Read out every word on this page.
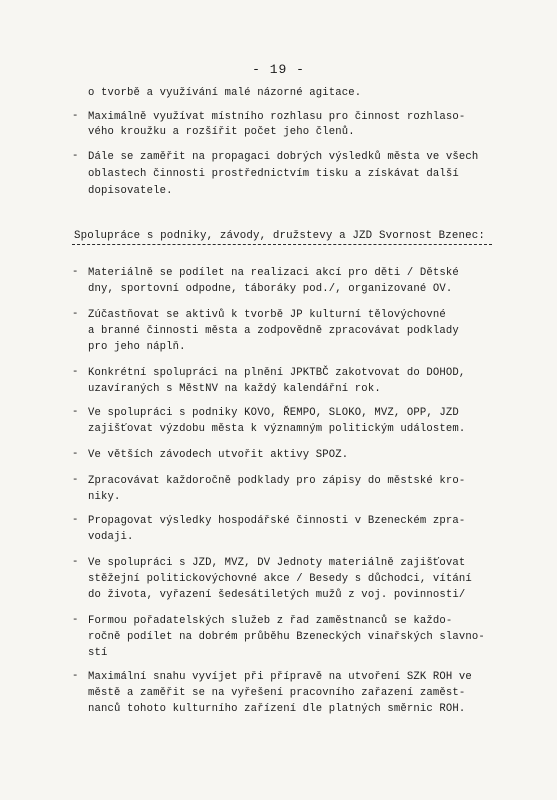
- 19 -
o tvorbě a využívání malé názorné agitace.
- Maximálně využívat místního rozhlasu pro činnost rozhlaso-
vého kroužku a rozšířit počet jeho členů.
- Dále se zaměřit na propagaci dobrých výsledků města ve všech
oblastech činnosti prostřednictvím tisku a získávat další
dopisovatele.
Spolupráce s podniky, závody, družstevy a JZD Svornost Bzenec:
- Materiálně se podílet na realizaci akcí pro děti / Dětské
dny, sportovní odpodne, táboráky pod./, organizované OV.
- Zúčastňovat se aktivů k tvorbě JP kulturní tělovýchovné
a branné činnosti města a zodpovědně zpracovávat podklady
pro jeho náplň.
- Konkrétní spolupráci na plnění JPKTBČ zakotvovat do DOHOD,
uzavíraných s MěstNV na každý kalendářní rok.
- Ve spolupráci s podniky KOVO, ŘEMPO, SLOKO, MVZ, OPP, JZD
zajišťovat výzdobu města k významným politickým událostem.
- Ve větších závodech utvořit aktivy SPOZ.
- Zpracovávat každoročně podklady pro zápisy do městské kro-
niky.
- Propagovat výsledky hospodářské činnosti v Bzeneckém zpra-
vodaji.
- Ve spolupráci s JZD, MVZ, DV Jednoty materiálně zajišťovat
stěžejní politickovýchovné akce / Besedy s důchodci, vítání
do života, vyřazení šedesátiletých mužů z voj. povinnosti/
- Formou pořadatelských služeb z řad zaměstnanců se každo-
ročně podílet na dobrém průběhu Bzeneckých vinařských slavno-
stí
- Maximální snahu vyvíjet při přípravě na utvoření SZK ROH ve
městě a zaměřit se na vyřešení pracovního zařazení zaměst-
nanců tohoto kulturního zařízení dle platných směrnic ROH.
